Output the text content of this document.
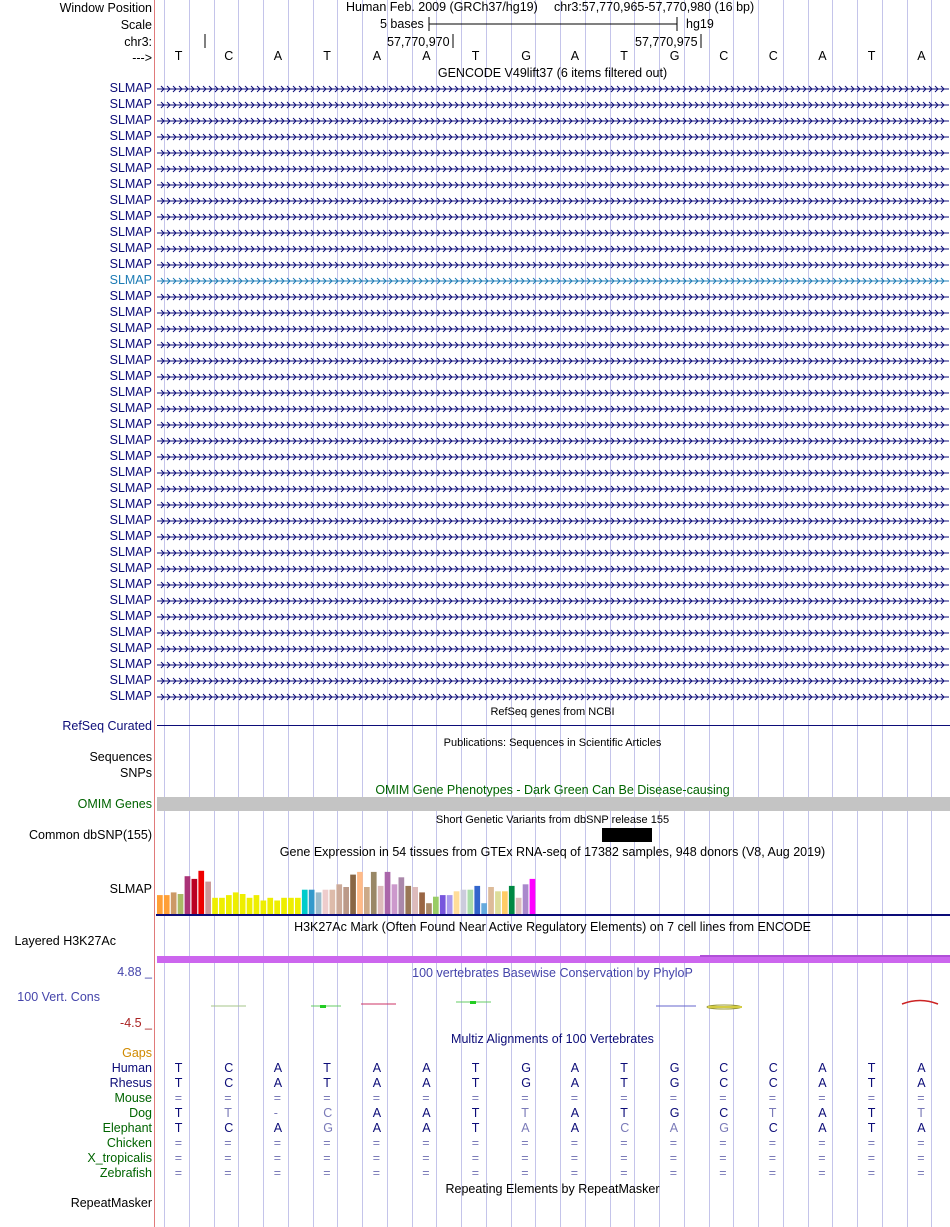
Window Position
Scale
chr3:
--->
Human Feb. 2009 (GRCh37/hg19) chr3:57,770,965-57,770,980 (16 bp)
5 bases	hg19
57,770,970	57,770,975
T	C	A	T	A	A	T	G	A	T	G	C	C	A	T	A
GENCODE V49lift37 (6 items filtered out)
SLMAP
SLMAP
SLMAP
SLMAP
SLMAP
SLMAP
SLMAP
SLMAP
SLMAP
SLMAP
SLMAP
SLMAP
SLMAP
SLMAP
SLMAP
SLMAP
SLMAP
SLMAP
SLMAP
SLMAP
SLMAP
SLMAP
SLMAP
SLMAP
SLMAP
SLMAP
SLMAP
SLMAP
SLMAP
SLMAP
SLMAP
SLMAP
SLMAP
SLMAP
SLMAP
SLMAP
SLMAP
SLMAP
SLMAP
RefSeq genes from NCBI
RefSeq Curated
Publications: Sequences in Scientific Articles
Sequences
SNPs
OMIM Gene Phenotypes - Dark Green Can Be Disease-causing
OMIM Genes
Short Genetic Variants from dbSNP release 155
Common dbSNP(155)
Gene Expression in 54 tissues from GTEx RNA-seq of 17382 samples, 948 donors (V8, Aug 2019)
SLMAP
H3K27Ac Mark (Often Found Near Active Regulatory Elements) on 7 cell lines from ENCODE
Layered H3K27Ac
100 vertebrates Basewise Conservation by PhyloP
4.88 _
100 Vert. Cons
-4.5 _
Multiz Alignments of 100 Vertebrates
Gaps
Human T	C	A	T	A	A	T	G	A	T	G	C	C	A	T	A
Rhesus T	C	A	T	A	A	T	G	A	T	G	C	C	A	T	A
Mouse =	=	=	=	=	=	=	=	=	=	=	=	=	=	=	=
Dog T	T	-	C	A	A	T	T	A	T	G	C	T	A	T	T
Elephant T	C	A	G	A	A	T	A	A	C	A	G	C	A	T	A
Chicken =	=	=	=	=	=	=	=	=	=	=	=	=	=	=	=
X_tropicalis =	=	=	=	=	=	=	=	=	=	=	=	=	=	=	=
Zebrafish =	=	=	=	=	=	=	=	=	=	=	=	=	=	=	=
Repeating Elements by RepeatMasker
RepeatMasker
